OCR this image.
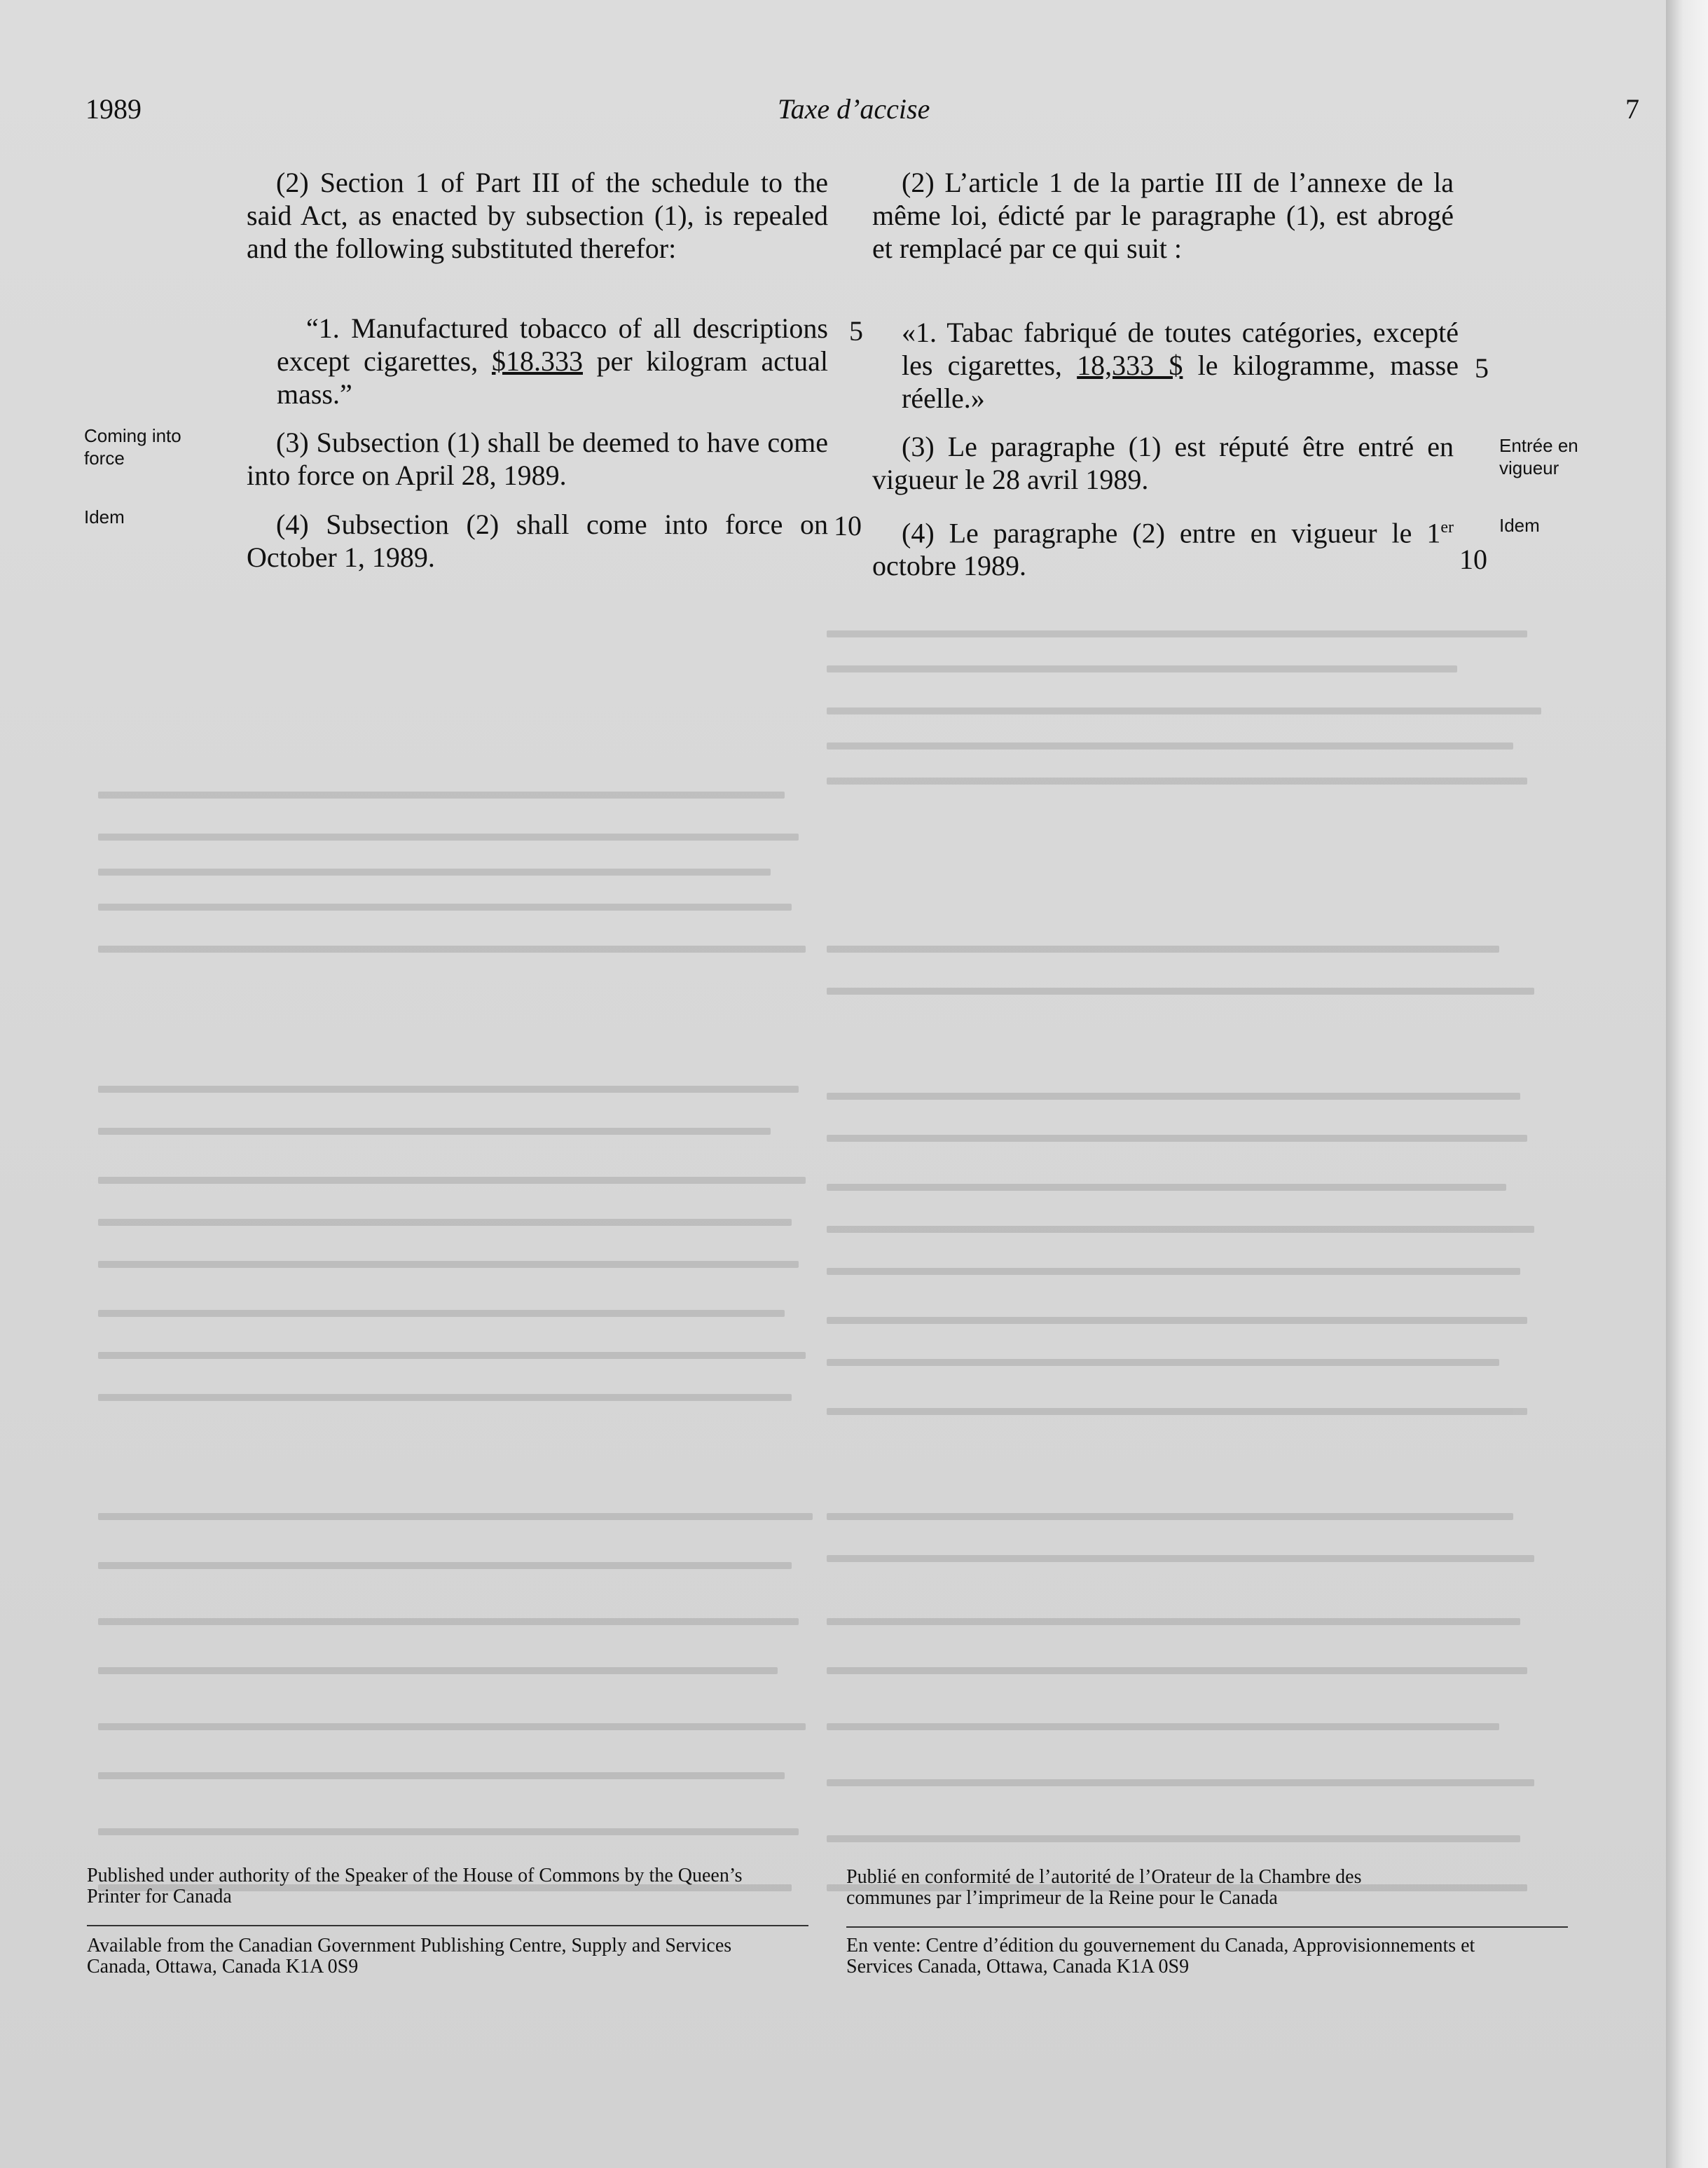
1989	Taxe d’accise	7
(2) Section 1 of Part III of the schedule to the said Act, as enacted by subsection (1), is repealed and the following substituted therefor:
“1. Manufactured tobacco of all descriptions except cigarettes, $18.333 per kilogram actual mass.”
(3) Subsection (1) shall be deemed to have come into force on April 28, 1989.
(4) Subsection (2) shall come into force on October 1, 1989.
Coming into force
Idem
5
10
5
10
(2) L’article 1 de la partie III de l’annexe de la même loi, édicté par le paragraphe (1), est abrogé et remplacé par ce qui suit :
«1. Tabac fabriqué de toutes catégories, excepté les cigarettes, 18,333 $ le kilogramme, masse réelle.»
(3) Le paragraphe (1) est réputé être entré en vigueur le 28 avril 1989.
(4) Le paragraphe (2) entre en vigueur le 1er octobre 1989.
Entrée en vigueur
Idem
Published under authority of the Speaker of the House of Commons by the Queen’s Printer for Canada
Available from the Canadian Government Publishing Centre, Supply and Services Canada, Ottawa, Canada K1A 0S9
Publié en conformité de l’autorité de l’Orateur de la Chambre des communes par l’imprimeur de la Reine pour le Canada
En vente: Centre d’édition du gouvernement du Canada, Approvisionnements et Services Canada, Ottawa, Canada K1A 0S9
